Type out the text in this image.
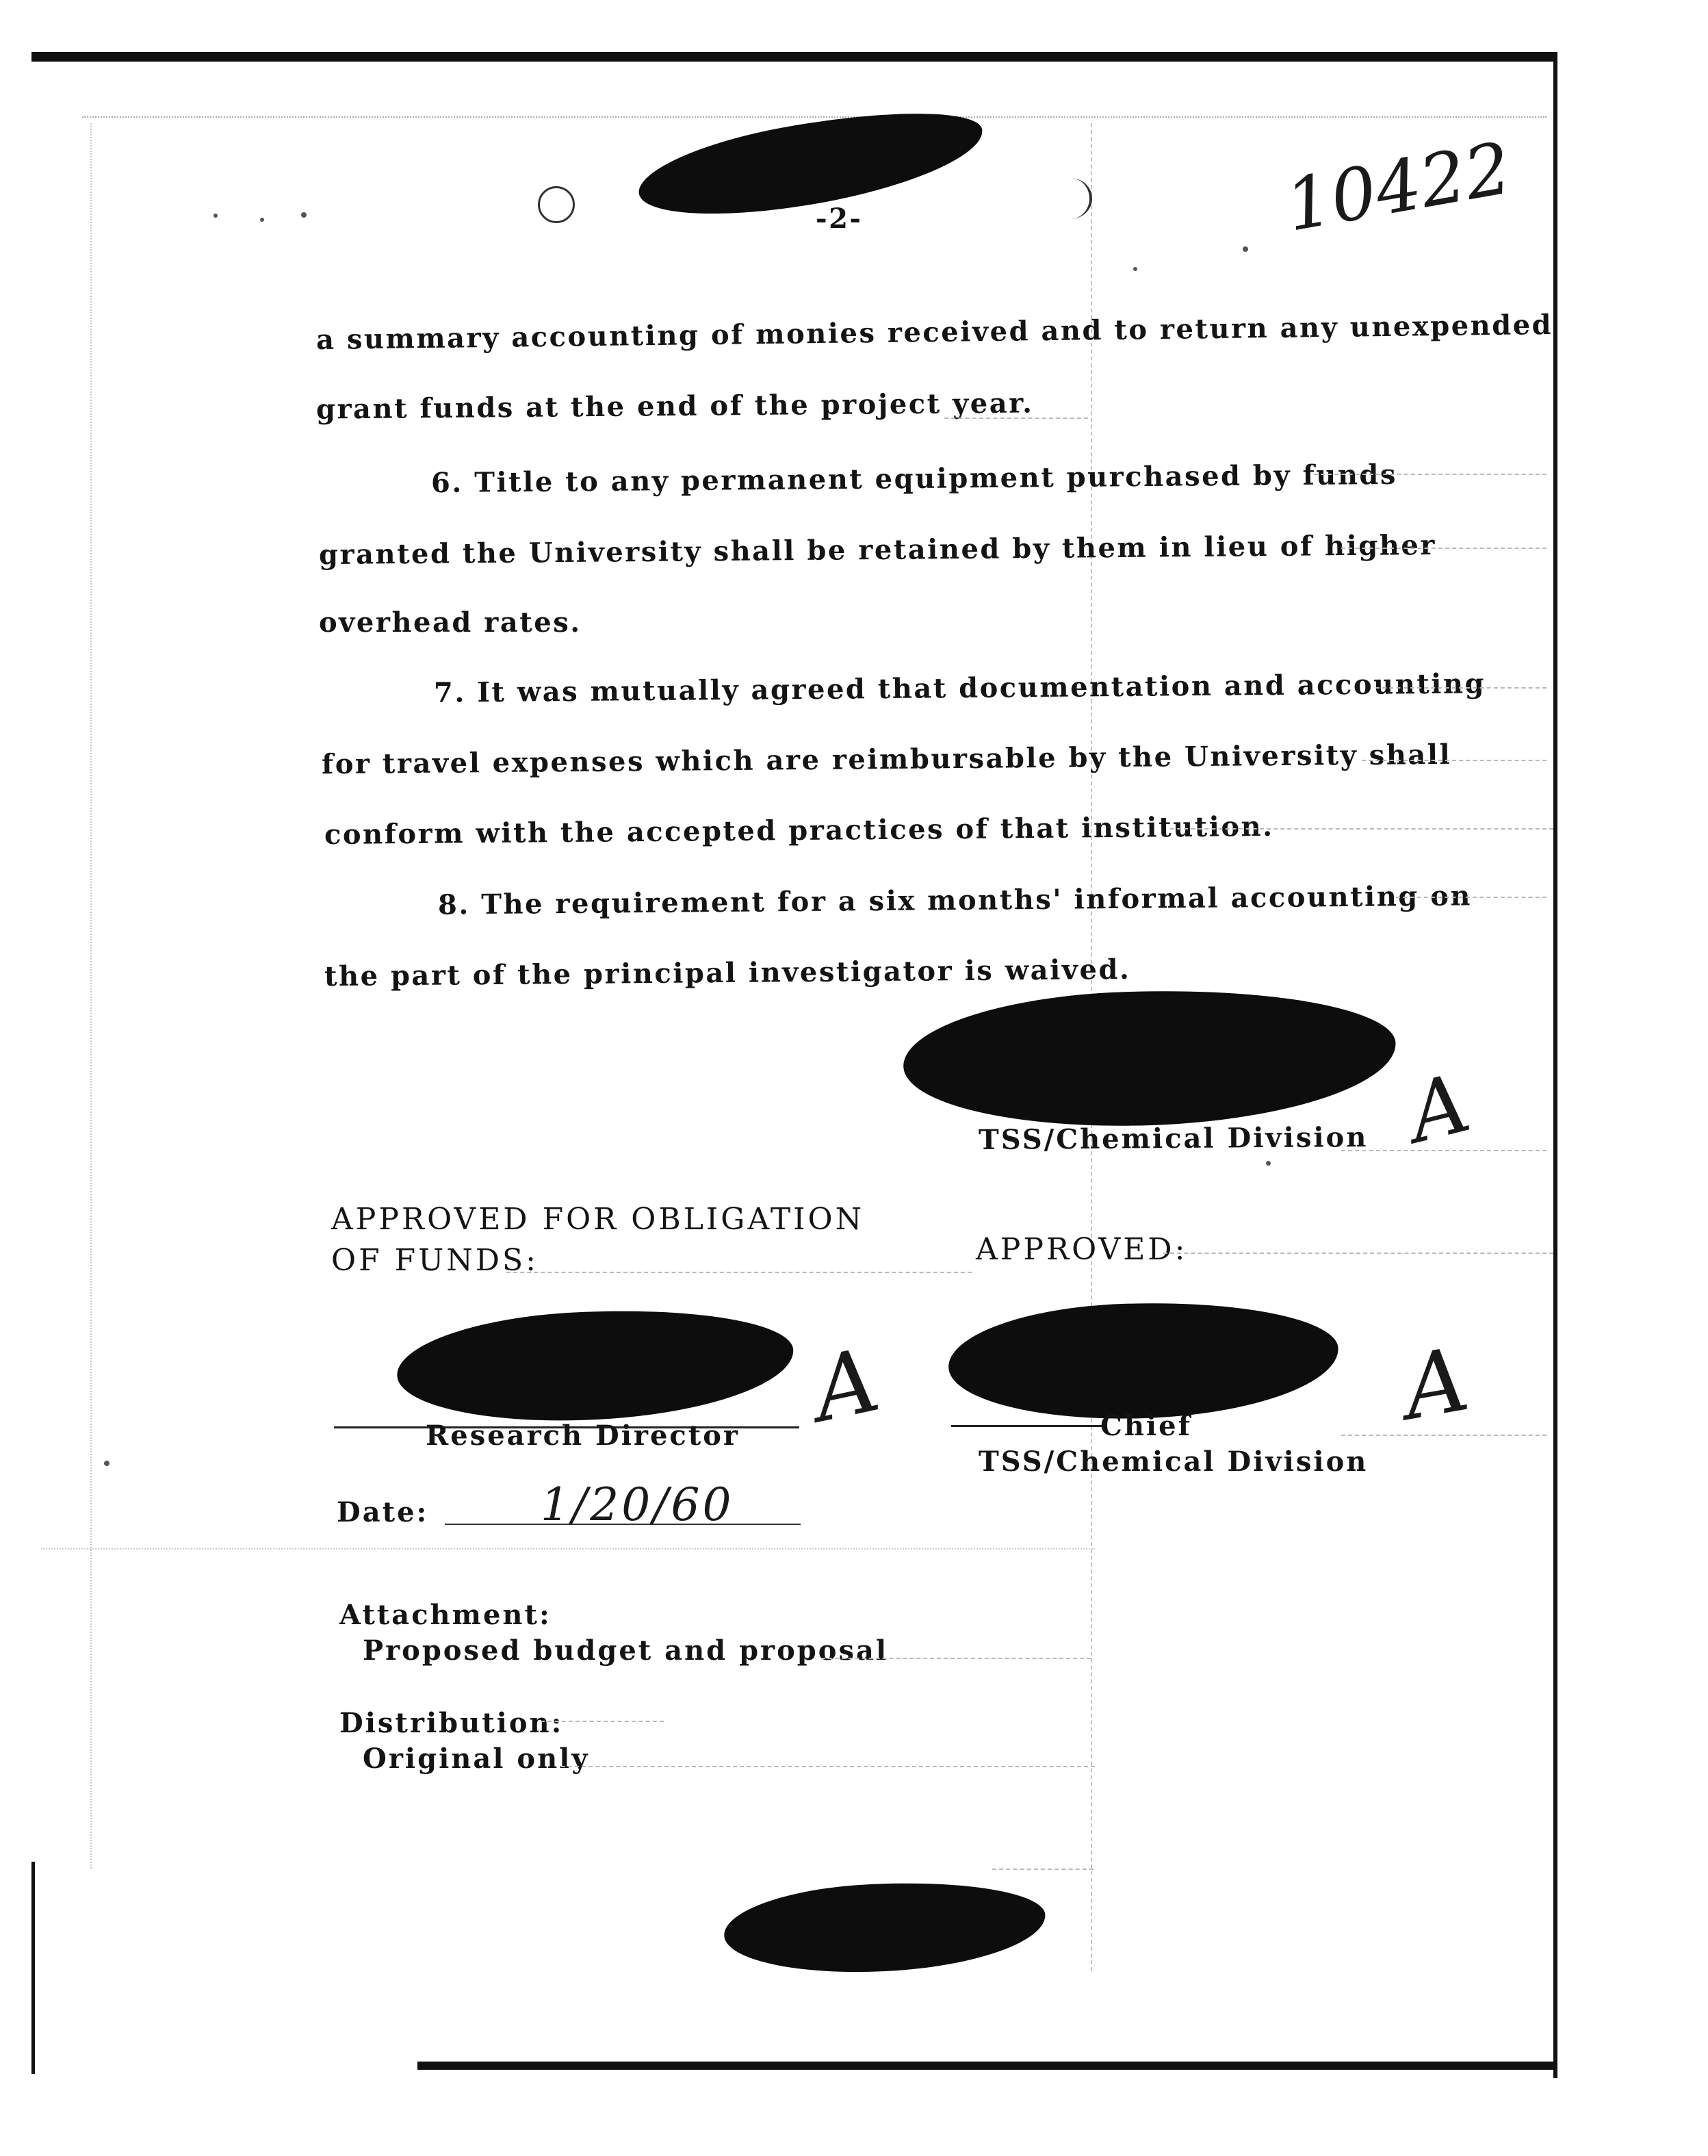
-2-	10422
a summary accounting of monies received and to return any unexpended
grant funds at the end of the project year.
6. Title to any permanent equipment purchased by funds
granted the University shall be retained by them in lieu of higher
overhead rates.
7. It was mutually agreed that documentation and accounting
for travel expenses which are reimbursable by the University shall
conform with the accepted practices of that institution.
8. The requirement for a six months' informal accounting on
the part of the principal investigator is waived.
TSS/Chemical Division A
APPROVED FOR OBLIGATION
OF FUNDS:	APPROVED:
A
Research Director	Chief
TSS/Chemical Division
A
Date: 1/20/60
Attachment:
Proposed budget and proposal
Distribution:
Original only
